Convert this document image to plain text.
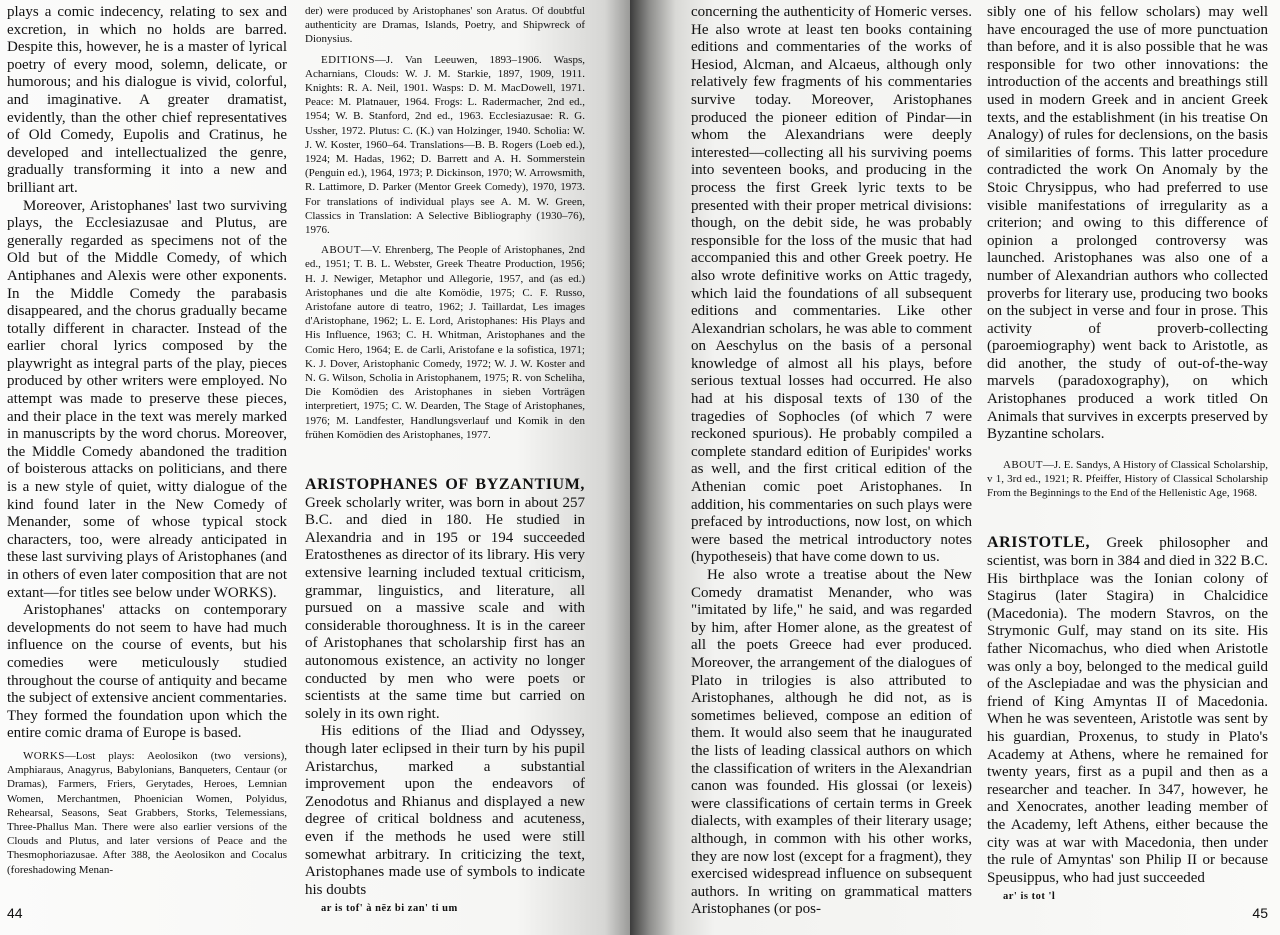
plays a comic indecency, relating to sex and excretion, in which no holds are barred. Despite this, however, he is a master of lyrical poetry of every mood, solemn, delicate, or humorous; and his dialogue is vivid, colorful, and imaginative. A greater dramatist, evidently, than the other chief representatives of Old Comedy, Eupolis and Cratinus, he developed and intellectualized the genre, gradually transforming it into a new and brilliant art.

Moreover, Aristophanes' last two surviving plays, the Ecclesiazusae and Plutus, are generally regarded as specimens not of the Old but of the Middle Comedy, of which Antiphanes and Alexis were other exponents. In the Middle Comedy the parabasis disappeared, and the chorus gradually became totally different in character. Instead of the earlier choral lyrics composed by the playwright as integral parts of the play, pieces produced by other writers were employed. No attempt was made to preserve these pieces, and their place in the text was merely marked in manuscripts by the word chorus. Moreover, the Middle Comedy abandoned the tradition of boisterous attacks on politicians, and there is a new style of quiet, witty dialogue of the kind found later in the New Comedy of Menander, some of whose typical stock characters, too, were already anticipated in these last surviving plays of Aristophanes (and in others of even later composition that are not extant—for titles see below under WORKS).

Aristophanes' attacks on contemporary developments do not seem to have had much influence on the course of events, but his comedies were meticulously studied throughout the course of antiquity and became the subject of extensive ancient commentaries. They formed the foundation upon which the entire comic drama of Europe is based.

WORKS—Lost plays: Aeolosikon (two versions), Amphiaraus, Anagyrus, Babylonians, Banqueters, Centaur (or Dramas), Farmers, Friers, Gerytades, Heroes, Lemnian Women, Merchantmen, Phoenician Women, Polyidus, Rehearsal, Seasons, Seat Grabbers, Storks, Telemessians, Three-Phallus Man. There were also earlier versions of the Clouds and Plutus, and later versions of Peace and the Thesmophoriazusae. After 388, the Aeolosikon and Cocalus (foreshadowing Menan-

der) were produced by Aristophanes' son Aratus. Of doubtful authenticity are Dramas, Islands, Poetry, and Shipwreck of Dionysius.

EDITIONS—J. Van Leeuwen, 1893–1906. Wasps, Acharnians, Clouds: W. J. M. Starkie, 1897, 1909, 1911. Knights: R. A. Neil, 1901. Wasps: D. M. MacDowell, 1971. Peace: M. Platnauer, 1964. Frogs: L. Radermacher, 2nd ed., 1954; W. B. Stanford, 2nd ed., 1963. Ecclesiazusae: R. G. Ussher, 1972. Plutus: C. (K.) van Holzinger, 1940. Scholia: W. J. W. Koster, 1960–64. Translations—B. B. Rogers (Loeb ed.), 1924; M. Hadas, 1962; D. Barrett and A. H. Sommerstein (Penguin ed.), 1964, 1973; P. Dickinson, 1970; W. Arrowsmith, R. Lattimore, D. Parker (Mentor Greek Comedy), 1970, 1973. For translations of individual plays see A. M. W. Green, Classics in Translation: A Selective Bibliography (1930–76), 1976.

ABOUT—V. Ehrenberg, The People of Aristophanes, 2nd ed., 1951; T. B. L. Webster, Greek Theatre Production, 1956; H. J. Newiger, Metaphor und Allegorie, 1957, and (as ed.) Aristophanes und die alte Komödie, 1975; C. F. Russo, Aristofane autore di teatro, 1962; J. Taillardat, Les images d'Aristophane, 1962; L. E. Lord, Aristophanes: His Plays and His Influence, 1963; C. H. Whitman, Aristophanes and the Comic Hero, 1964; E. de Carli, Aristofane e la sofistica, 1971; K. J. Dover, Aristophanic Comedy, 1972; W. J. W. Koster and N. G. Wilson, Scholia in Aristophanem, 1975; R. von Scheliha, Die Komödien des Aristophanes in sieben Vorträgen interpretiert, 1975; C. W. Dearden, The Stage of Aristophanes, 1976; M. Landfester, Handlungsverlauf und Komik in den frühen Komödien des Aristophanes, 1977.

ARISTOPHANES OF BYZANTIUM, Greek scholarly writer, was born in about 257 B.C. and died in 180. He studied in Alexandria and in 195 or 194 succeeded Eratosthenes as director of its library. His very extensive learning included textual criticism, grammar, linguistics, and literature, all pursued on a massive scale and with considerable thoroughness. It is in the career of Aristophanes that scholarship first has an autonomous existence, an activity no longer conducted by men who were poets or scientists at the same time but carried on solely in its own right.

His editions of the Iliad and Odyssey, though later eclipsed in their turn by his pupil Aristarchus, marked a substantial improvement upon the endeavors of Zenodotus and Rhianus and displayed a new degree of critical boldness and acuteness, even if the methods he used were still somewhat arbitrary. In criticizing the text, Aristophanes made use of symbols to indicate his doubts

ar is tof' à nēz bi zan' ti um

44

concerning the authenticity of Homeric verses. He also wrote at least ten books containing editions and commentaries of the works of Hesiod, Alcman, and Alcaeus, although only relatively few fragments of his commentaries survive today. Moreover, Aristophanes produced the pioneer edition of Pindar—in whom the Alexandrians were deeply interested—collecting all his surviving poems into seventeen books, and producing in the process the first Greek lyric texts to be presented with their proper metrical divisions: though, on the debit side, he was probably responsible for the loss of the music that had accompanied this and other Greek poetry. He also wrote definitive works on Attic tragedy, which laid the foundations of all subsequent editions and commentaries. Like other Alexandrian scholars, he was able to comment on Aeschylus on the basis of a personal knowledge of almost all his plays, before serious textual losses had occurred. He also had at his disposal texts of 130 of the tragedies of Sophocles (of which 7 were reckoned spurious). He probably compiled a complete standard edition of Euripides' works as well, and the first critical edition of the Athenian comic poet Aristophanes. In addition, his commentaries on such plays were prefaced by introductions, now lost, on which were based the metrical introductory notes (hypotheseis) that have come down to us.

He also wrote a treatise about the New Comedy dramatist Menander, who was "imitated by life," he said, and was regarded by him, after Homer alone, as the greatest of all the poets Greece had ever produced. Moreover, the arrangement of the dialogues of Plato in trilogies is also attributed to Aristophanes, although he did not, as is sometimes believed, compose an edition of them. It would also seem that he inaugurated the lists of leading classical authors on which the classification of writers in the Alexandrian canon was founded. His glossai (or lexeis) were classifications of certain terms in Greek dialects, with examples of their literary usage; although, in common with his other works, they are now lost (except for a fragment), they exercised widespread influence on subsequent authors. In writing on grammatical matters Aristophanes (or pos-

sibly one of his fellow scholars) may well have encouraged the use of more punctuation than before, and it is also possible that he was responsible for two other innovations: the introduction of the accents and breathings still used in modern Greek and in ancient Greek texts, and the establishment (in his treatise On Analogy) of rules for declensions, on the basis of similarities of forms. This latter procedure contradicted the work On Anomaly by the Stoic Chrysippus, who had preferred to use visible manifestations of irregularity as a criterion; and owing to this difference of opinion a prolonged controversy was launched. Aristophanes was also one of a number of Alexandrian authors who collected proverbs for literary use, producing two books on the subject in verse and four in prose. This activity of proverb-collecting (paroemiography) went back to Aristotle, as did another, the study of out-of-the-way marvels (paradoxography), on which Aristophanes produced a work titled On Animals that survives in excerpts preserved by Byzantine scholars.

ABOUT—J. E. Sandys, A History of Classical Scholarship, v 1, 3rd ed., 1921; R. Pfeiffer, History of Classical Scholarship From the Beginnings to the End of the Hellenistic Age, 1968.

ARISTOTLE, Greek philosopher and scientist, was born in 384 and died in 322 B.C. His birthplace was the Ionian colony of Stagirus (later Stagira) in Chalcidice (Macedonia). The modern Stavros, on the Strymonic Gulf, may stand on its site. His father Nicomachus, who died when Aristotle was only a boy, belonged to the medical guild of the Asclepiadae and was the physician and friend of King Amyntas II of Macedonia. When he was seventeen, Aristotle was sent by his guardian, Proxenus, to study in Plato's Academy at Athens, where he remained for twenty years, first as a pupil and then as a researcher and teacher. In 347, however, he and Xenocrates, another leading member of the Academy, left Athens, either because the city was at war with Macedonia, then under the rule of Amyntas' son Philip II or because Speusippus, who had just succeeded

ar' is tot 'l

45
